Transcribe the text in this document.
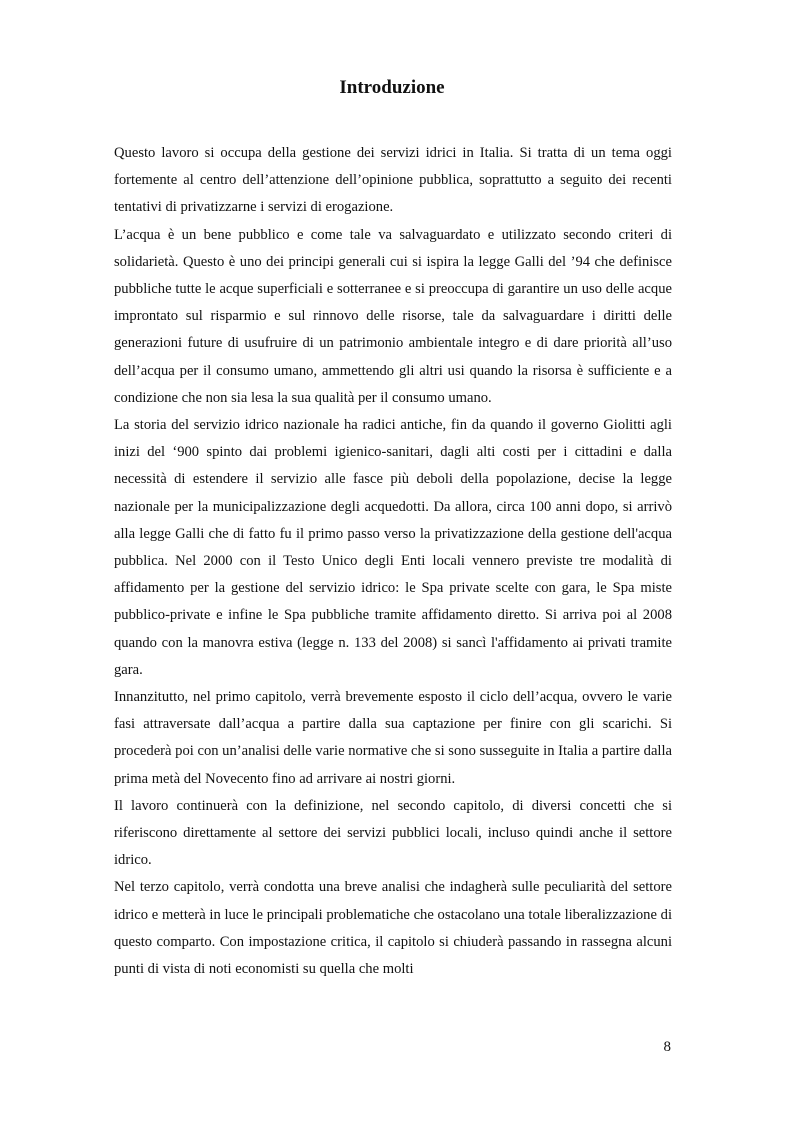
Introduzione

Questo lavoro si occupa della gestione dei servizi idrici in Italia. Si tratta di un tema oggi fortemente al centro dell’attenzione dell’opinione pubblica, soprattutto a seguito dei recenti tentativi di privatizzarne i servizi di erogazione.

L’acqua è un bene pubblico e come tale va salvaguardato e utilizzato secondo criteri di solidarietà. Questo è uno dei principi generali cui si ispira la legge Galli del ’94 che definisce pubbliche tutte le acque superficiali e sotterranee e si preoccupa di garantire un uso delle acque improntato sul risparmio e sul rinnovo delle risorse, tale da salvaguardare i diritti delle generazioni future di usufruire di un patrimonio ambientale integro e di dare priorità all’uso dell’acqua per il consumo umano, ammettendo gli altri usi quando la risorsa è sufficiente e a condizione che non sia lesa la sua qualità per il consumo umano.

La storia del servizio idrico nazionale ha radici antiche, fin da quando il governo Giolitti agli inizi del ‘900 spinto dai problemi igienico-sanitari, dagli alti costi per i cittadini e dalla necessità di estendere il servizio alle fasce più deboli della popolazione, decise la legge nazionale per la municipalizzazione degli acquedotti. Da allora, circa 100 anni dopo, si arrivò alla legge Galli che di fatto fu il primo passo verso la privatizzazione della gestione dell'acqua pubblica. Nel 2000 con il Testo Unico degli Enti locali vennero previste tre modalità di affidamento per la gestione del servizio idrico: le Spa private scelte con gara, le Spa miste pubblico-private e infine le Spa pubbliche tramite affidamento diretto. Si arriva poi al 2008 quando con la manovra estiva (legge n. 133 del 2008) si sancì l'affidamento ai privati tramite gara.

Innanzitutto, nel primo capitolo, verrà brevemente esposto il ciclo dell’acqua, ovvero le varie fasi attraversate dall’acqua a partire dalla sua captazione per finire con gli scarichi. Si procederà poi con un’analisi delle varie normative che si sono susseguite in Italia a partire dalla prima metà del Novecento fino ad arrivare ai nostri giorni.

Il lavoro continuerà con la definizione, nel secondo capitolo, di diversi concetti che si riferiscono direttamente al settore dei servizi pubblici locali, incluso quindi anche il settore idrico.

Nel terzo capitolo, verrà condotta una breve analisi che indagherà sulle peculiarità del settore idrico e metterà in luce le principali problematiche che ostacolano una totale liberalizzazione di questo comparto. Con impostazione critica, il capitolo si chiuderà passando in rassegna alcuni punti di vista di noti economisti su quella che molti

8
